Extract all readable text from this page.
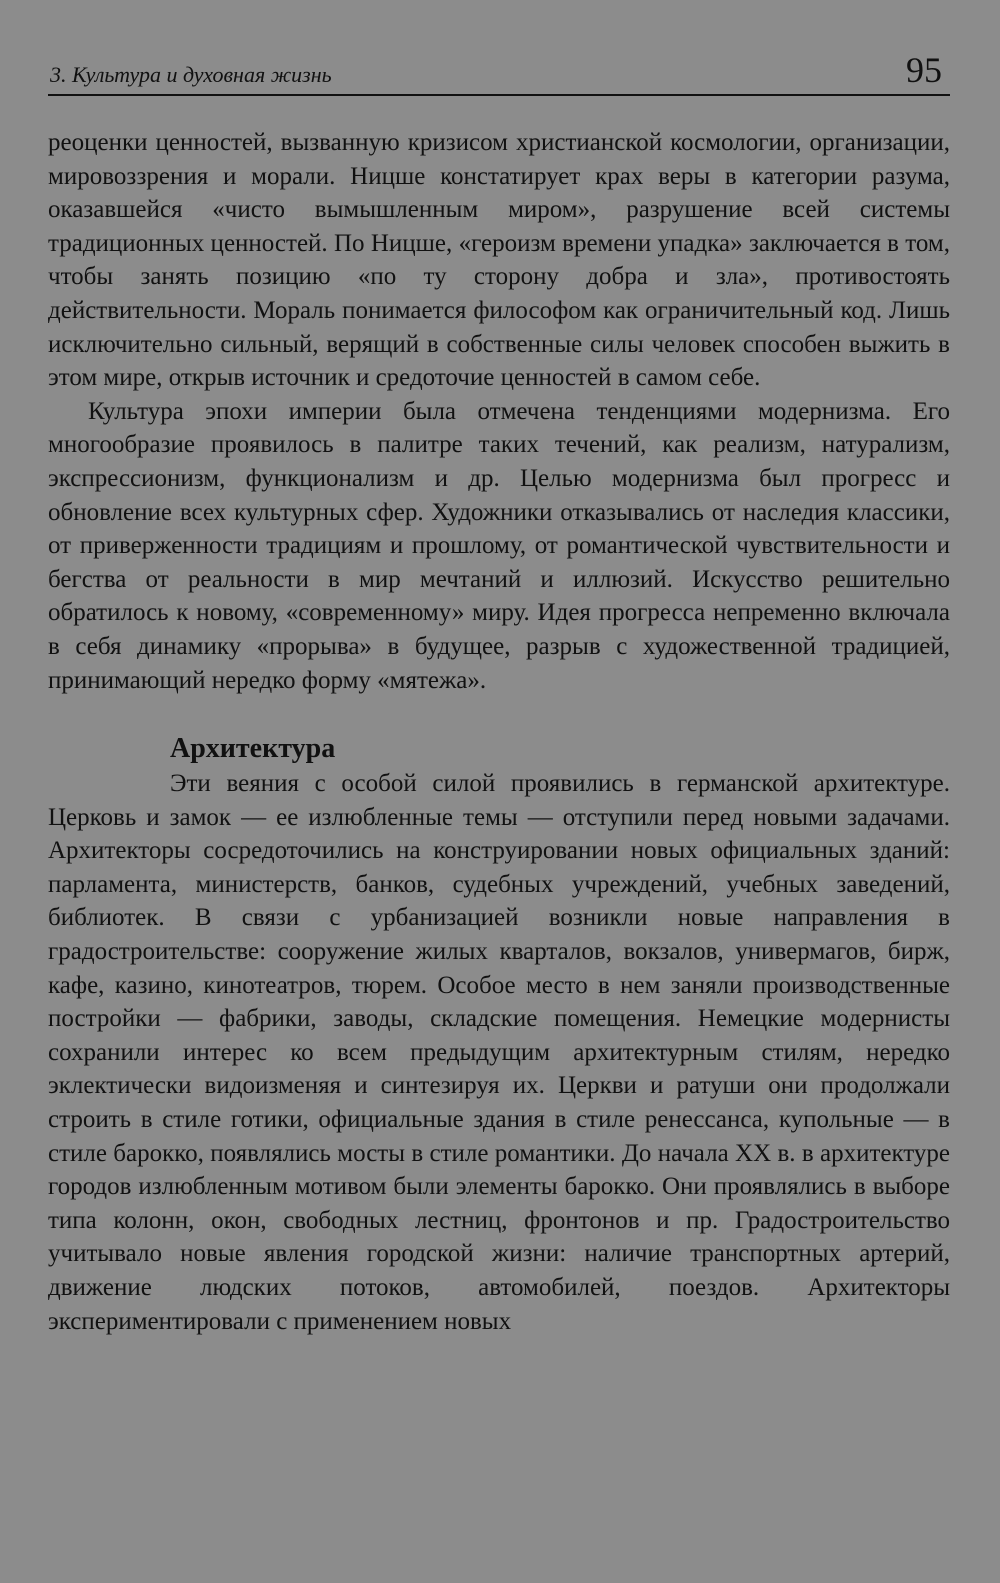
3. Культура и духовная жизнь	95

реоценки ценностей, вызванную кризисом христианской космологии, организации, мировоззрения и морали. Ницше констатирует крах веры в категории разума, оказавшейся «чисто вымышленным миром», разрушение всей системы традиционных ценностей. По Ницше, «героизм времени упадка» заключается в том, чтобы занять позицию «по ту сторону добра и зла», противостоять действительности. Мораль понимается философом как ограничительный код. Лишь исключительно сильный, верящий в собственные силы человек способен выжить в этом мире, открыв источник и средоточие ценностей в самом себе.

Культура эпохи империи была отмечена тенденциями модернизма. Его многообразие проявилось в палитре таких течений, как реализм, натурализм, экспрессионизм, функционализм и др. Целью модернизма был прогресс и обновление всех культурных сфер. Художники отказывались от наследия классики, от приверженности традициям и прошлому, от романтической чувствительности и бегства от реальности в мир мечтаний и иллюзий. Искусство решительно обратилось к новому, «современному» миру. Идея прогресса непременно включала в себя динамику «прорыва» в будущее, разрыв с художественной традицией, принимающий нередко форму «мятежа».

Архитектура

Эти веяния с особой силой проявились в германской архитектуре. Церковь и замок — ее излюбленные темы — отступили перед новыми задачами. Архитекторы сосредоточились на конструировании новых официальных зданий: парламента, министерств, банков, судебных учреждений, учебных заведений, библиотек. В связи с урбанизацией возникли новые направления в градостроительстве: сооружение жилых кварталов, вокзалов, универмагов, бирж, кафе, казино, кинотеатров, тюрем. Особое место в нем заняли производственные постройки — фабрики, заводы, складские помещения. Немецкие модернисты сохранили интерес ко всем предыдущим архитектурным стилям, нередко эклектически видоизменяя и синтезируя их. Церкви и ратуши они продолжали строить в стиле готики, официальные здания в стиле ренессанса, купольные — в стиле барокко, появлялись мосты в стиле романтики. До начала XX в. в архитектуре городов излюбленным мотивом были элементы барокко. Они проявлялись в выборе типа колонн, окон, свободных лестниц, фронтонов и пр. Градостроительство учитывало новые явления городской жизни: наличие транспортных артерий, движение людских потоков, автомобилей, поездов. Архитекторы экспериментировали с применением новых
